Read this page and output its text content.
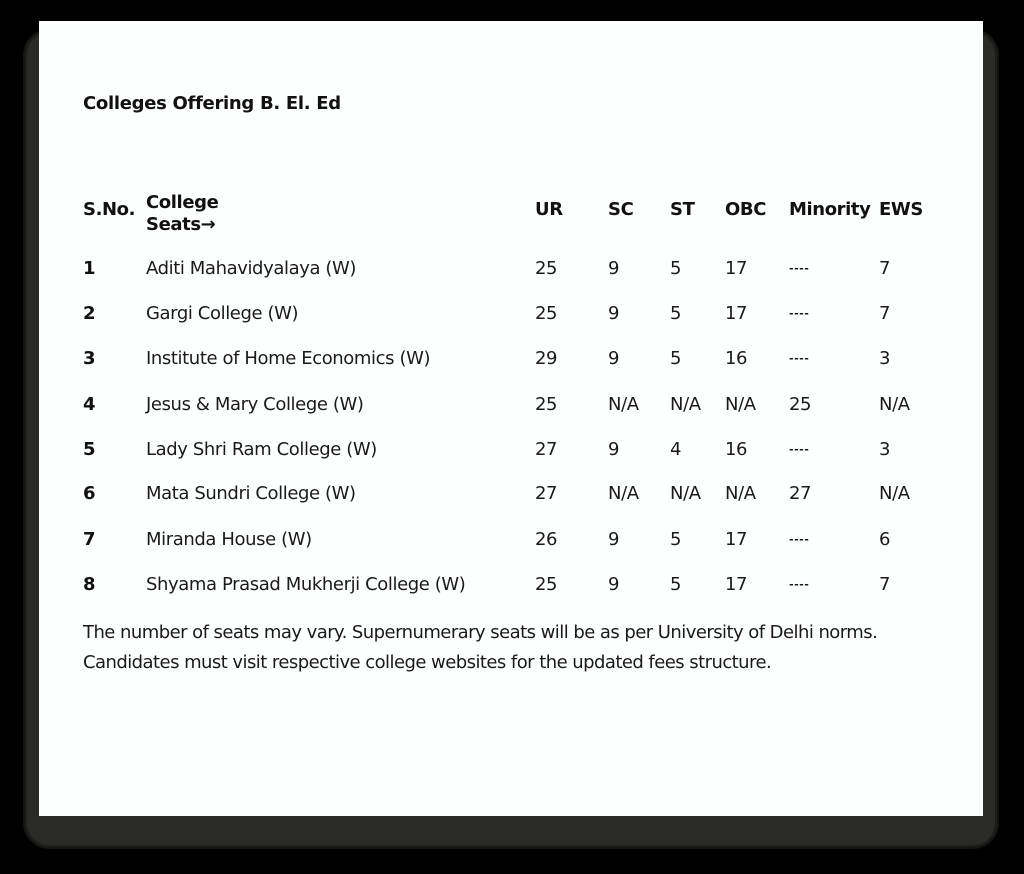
Colleges Offering B. El. Ed
S.No. College
Seats→
UR	SC ST OBC Minority EWS
1	Aditi Mahavidyalaya (W)	25	9	5 17	----	7
2	Gargi College (W)	25	9	5 17	----	7
3	Institute of Home Economics (W)	29	9	5 16	----	3
4	Jesus & Mary College (W)	25	N/A N/A N/A 25	N/A
5	Lady Shri Ram College (W)	27	9	4 16	----	3
6	Mata Sundri College (W)	27	N/A N/A N/A 27	N/A
7	Miranda House (W)	26	9	5 17	----	6
8	Shyama Prasad Mukherji College (W)	25	9	5 17	----	7
The number of seats may vary. Supernumerary seats will be as per University of Delhi norms. Candidates must visit respective college websites for the updated fees structure.
